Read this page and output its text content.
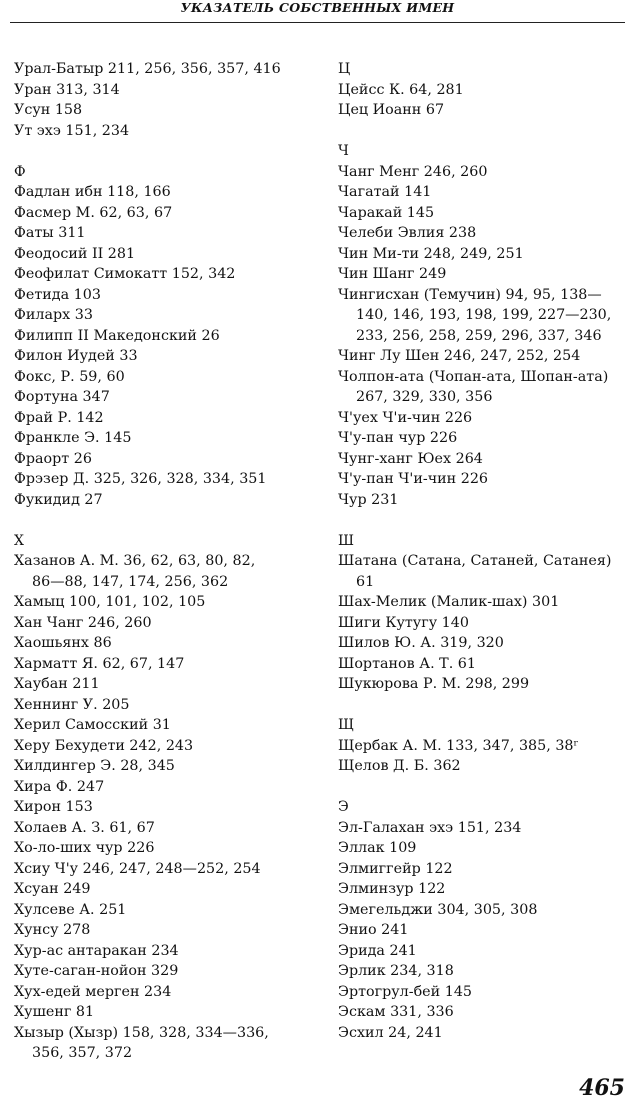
УКАЗАТЕЛЬ СОБСТВЕННЫХ ИМЕН
Урал-Батыр 211, 256, 356, 357, 416
Уран 313, 314
Усун 158
Ут эхэ 151, 234
Ф
Фадлан ибн 118, 166
Фасмер М. 62, 63, 67
Фаты 311
Феодосий II 281
Феофилат Симокатт 152, 342
Фетида 103
Филарх 33
Филипп II Македонский 26
Филон Иудей 33
Фокс, Р. 59, 60
Фортуна 347
Фрай Р. 142
Франкле Э. 145
Фраорт 26
Фрэзер Д. 325, 326, 328, 334, 351
Фукидид 27
Х
Хазанов А. М. 36, 62, 63, 80, 82,
86—88, 147, 174, 256, 362
Хамыц 100, 101, 102, 105
Хан Чанг 246, 260
Хаошьянх 86
Харматт Я. 62, 67, 147
Хаубан 211
Хеннинг У. 205
Херил Самосский 31
Херу Бехудети 242, 243
Хилдингер Э. 28, 345
Хира Ф. 247
Хирон 153
Холаев А. З. 61, 67
Хо-ло-ших чур 226
Хсиу Ч'у 246, 247, 248—252, 254
Хсуан 249
Хулсеве А. 251
Хунсу 278
Хур-ас антаракан 234
Хуте-саган-нойон 329
Хух-едей мерген 234
Хушенг 81
Хызыр (Хызр) 158, 328, 334—336,
356, 357, 372
Ц
Цейсс К. 64, 281
Цец Иоанн 67
Ч
Чанг Менг 246, 260
Чагатай 141
Чаракай 145
Челеби Эвлия 238
Чин Ми-ти 248, 249, 251
Чин Шанг 249
Чингисхан (Темучин) 94, 95, 138—
140, 146, 193, 198, 199, 227—230,
233, 256, 258, 259, 296, 337, 346
Чинг Лу Шен 246, 247, 252, 254
Чолпон-ата (Чопан-ата, Шопан-ата)
267, 329, 330, 356
Ч'уех Ч'и-чин 226
Ч'у-пан чур 226
Чунг-ханг Юех 264
Ч'у-пан Ч'и-чин 226
Чур 231
Ш
Шатана (Сатана, Сатаней, Сатанея)
61
Шах-Мелик (Малик-шах) 301
Шиги Кутугу 140
Шилов Ю. А. 319, 320
Шортанов А. Т. 61
Шукюрова Р. М. 298, 299
Щ
Щербак А. М. 133, 347, 385, 38ʳ
Щелов Д. Б. 362
Э
Эл-Галахан эхэ 151, 234
Эллак 109
Элмиггейр 122
Элминзур 122
Эмегельджи 304, 305, 308
Энио 241
Эрида 241
Эрлик 234, 318
Эртогрул-бей 145
Эскам 331, 336
Эсхил 24, 241
465
